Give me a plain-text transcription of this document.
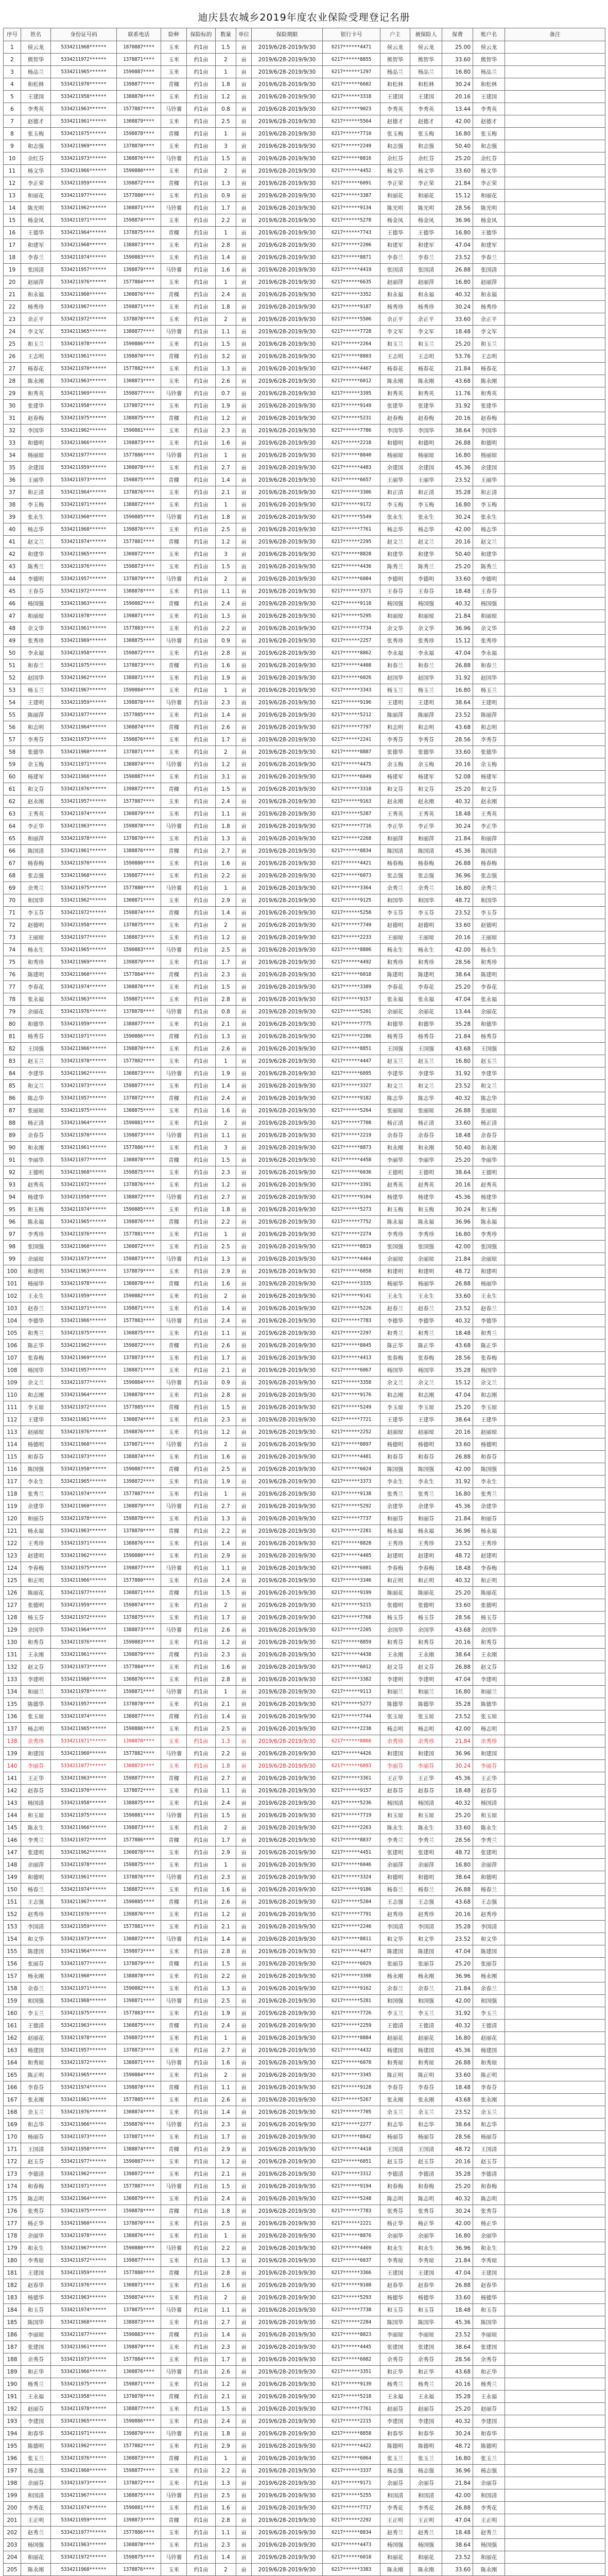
迪庆县农城乡2019年度农业保险受理登记名册
序号	姓名	身份证号码	联系电话	险种	保险标的	数量	单位	保险期限	银行卡号	户主	被保险人	保费	账户名	备注
1	侯云龙	5334211968******	1870887****	玉米	约1亩	1.5	亩	2019/6/28-2019/9/30	6217******4471	侯云龙	侯云龙	25.00	侯云龙	
2	熊智华	5334211972******	1378871****	玉米	约1亩	2	亩	2019/6/28-2019/9/30	6217******8855	熊智华	熊智华	33.60	熊智华	
3	杨品兰	5334211965******	1590887****	玉米	约1亩	1	亩	2019/6/28-2019/9/30	6217******1297	杨品兰	杨品兰	16.80	杨品兰	
4	和松林	5334211970******	1398877****	青稞	约1亩	1.8	亩	2019/6/28-2019/9/30	6217******6602	和松林	和松林	30.24	和松林	
5	王建国	5334211958******	1388870****	玉米	约1亩	1.2	亩	2019/6/28-2019/9/30	6217******3318	王建国	王建国	20.16	王建国	
6	李秀英	5334211963******	1577887****	马铃薯	约1亩	0.8	亩	2019/6/28-2019/9/30	6217******9023	李秀英	李秀英	13.44	李秀英	
7	赵德才	5334211961******	1308879****	玉米	约1亩	2.5	亩	2019/6/28-2019/9/30	6217******5564	赵德才	赵德才	42.00	赵德才	
8	张玉梅	5334211975******	1598878****	青稞	约1亩	1	亩	2019/6/28-2019/9/30	6217******7710	张玉梅	张玉梅	16.80	张玉梅	
9	和志强	5334211969******	1378870****	玉米	约1亩	3	亩	2019/6/28-2019/9/30	6217******2249	和志强	和志强	50.40	和志强	
10	余红芬	5334211973******	1388876****	马铃薯	约1亩	1.5	亩	2019/6/28-2019/9/30	6217******8816	余红芬	余红芬	25.20	余红芬	
11	杨文华	5334211966******	1590880****	玉米	约1亩	2	亩	2019/6/28-2019/9/30	6217******4452	杨文华	杨文华	33.60	杨文华	
12	李正荣	5334211959******	1398872****	青稞	约1亩	1.3	亩	2019/6/28-2019/9/30	6217******6091	李正荣	李正荣	21.84	李正荣	
13	和丽花	5334211977******	1577880****	玉米	约1亩	0.9	亩	2019/6/28-2019/9/30	6217******3387	和丽花	和丽花	15.12	和丽花	
14	陈光明	5334211962******	1308871****	马铃薯	约1亩	1.7	亩	2019/6/28-2019/9/30	6217******9134	陈光明	陈光明	28.56	陈光明	
15	杨金凤	5334211971******	1598874****	玉米	约1亩	2.2	亩	2019/6/28-2019/9/30	6217******5278	杨金凤	杨金凤	36.96	杨金凤	
16	王德华	5334211964******	1378875****	青稞	约1亩	1	亩	2019/6/28-2019/9/30	6217******7743	王德华	王德华	16.80	王德华	
17	和建军	5334211968******	1388873****	玉米	约1亩	2.8	亩	2019/6/28-2019/9/30	6217******2206	和建军	和建军	47.04	和建军	
18	李春兰	5334211974******	1590883****	玉米	约1亩	1.4	亩	2019/6/28-2019/9/30	6217******8871	李春兰	李春兰	23.52	李春兰	
19	张国清	5334211957******	1398879****	马铃薯	约1亩	1.6	亩	2019/6/28-2019/9/30	6217******4419	张国清	张国清	26.88	张国清	
20	赵丽萍	5334211976******	1577884****	玉米	约1亩	1	亩	2019/6/28-2019/9/30	6217******6635	赵丽萍	赵丽萍	16.80	赵丽萍	
21	和永福	5334211960******	1308876****	青稞	约1亩	2.4	亩	2019/6/28-2019/9/30	6217******3352	和永福	和永福	40.32	和永福	
22	杨秀珍	5334211967******	1598871****	玉米	约1亩	1.8	亩	2019/6/28-2019/9/30	6217******9187	杨秀珍	杨秀珍	30.24	杨秀珍	
23	余正平	5334211972******	1378878****	玉米	约1亩	2	亩	2019/6/28-2019/9/30	6217******5506	余正平	余正平	33.60	余正平	
24	李文军	5334211965******	1388877****	马铃薯	约1亩	1.1	亩	2019/6/28-2019/9/30	6217******7728	李文军	李文军	18.48	李文军	
25	和玉兰	5334211978******	1590886****	玉米	约1亩	1.5	亩	2019/6/28-2019/9/30	6217******2264	和玉兰	和玉兰	25.20	和玉兰	
26	王志明	5334211961******	1398870****	青稞	约1亩	3.2	亩	2019/6/28-2019/9/30	6217******8803	王志明	王志明	53.76	王志明	
27	杨春花	5334211970******	1577882****	玉米	约1亩	1.3	亩	2019/6/28-2019/9/30	6217******4467	杨春花	杨春花	21.84	杨春花	
28	陈永刚	5334211963******	1308873****	玉米	约1亩	2.6	亩	2019/6/28-2019/9/30	6217******6012	陈永刚	陈永刚	43.68	陈永刚	
29	和秀英	5334211969******	1598877****	马铃薯	约1亩	0.7	亩	2019/6/28-2019/9/30	6217******3395	和秀英	和秀英	11.76	和秀英	
30	张建华	5334211958******	1378872****	玉米	约1亩	1.9	亩	2019/6/28-2019/9/30	6217******9149	张建华	张建华	31.92	张建华	
31	赵春梅	5334211975******	1388875****	青稞	约1亩	1.2	亩	2019/6/28-2019/9/30	6217******5231	赵春梅	赵春梅	20.16	赵春梅	
32	李国华	5334211962******	1590881****	玉米	约1亩	2.3	亩	2019/6/28-2019/9/30	6217******7786	李国华	李国华	38.64	李国华	
33	和德明	5334211966******	1398873****	玉米	约1亩	1.6	亩	2019/6/28-2019/9/30	6217******2218	和德明	和德明	26.88	和德明	
34	杨丽琼	5334211977******	1577886****	马铃薯	约1亩	1	亩	2019/6/28-2019/9/30	6217******8840	杨丽琼	杨丽琼	16.80	杨丽琼	
35	余建国	5334211959******	1308878****	玉米	约1亩	2.7	亩	2019/6/28-2019/9/30	6217******4483	余建国	余建国	45.36	余建国	
36	王丽华	5334211973******	1598875****	青稞	约1亩	1.4	亩	2019/6/28-2019/9/30	6217******6657	王丽华	王丽华	23.52	王丽华	
37	和正清	5334211964******	1378876****	玉米	约1亩	2.1	亩	2019/6/28-2019/9/30	6217******3306	和正清	和正清	35.28	和正清	
38	李玉梅	5334211971******	1388872****	玉米	约1亩	1	亩	2019/6/28-2019/9/30	6217******9172	李玉梅	李玉梅	16.80	李玉梅	
39	张永生	5334211960******	1590885****	马铃薯	约1亩	1.8	亩	2019/6/28-2019/9/30	6217******5549	张永生	张永生	30.24	张永生	
40	杨志华	5334211968******	1398876****	玉米	约1亩	2.5	亩	2019/6/28-2019/9/30	6217******7761	杨志华	杨志华	42.00	杨志华	
41	赵文兰	5334211974******	1577881****	青稞	约1亩	1.2	亩	2019/6/28-2019/9/30	6217******2295	赵文兰	赵文兰	20.16	赵文兰	
42	和建华	5334211965******	1308872****	玉米	约1亩	3	亩	2019/6/28-2019/9/30	6217******8828	和建华	和建华	50.40	和建华	
43	陈秀兰	5334211976******	1598873****	玉米	约1亩	1.5	亩	2019/6/28-2019/9/30	6217******4436	陈秀兰	陈秀兰	25.20	陈秀兰	
44	李德明	5334211957******	1378879****	马铃薯	约1亩	2	亩	2019/6/28-2019/9/30	6217******6084	李德明	李德明	33.60	李德明	
45	王春芬	5334211972******	1388878****	玉米	约1亩	1.1	亩	2019/6/28-2019/9/30	6217******3371	王春芬	王春芬	18.48	王春芬	
46	杨国强	5334211963******	1590882****	青稞	约1亩	2.4	亩	2019/6/28-2019/9/30	6217******9118	杨国强	杨国强	40.32	杨国强	
47	和丽琼	5334211978******	1398871****	玉米	约1亩	1.3	亩	2019/6/28-2019/9/30	6217******5295	和丽琼	和丽琼	21.84	和丽琼	
48	余文华	5334211961******	1577883****	玉米	约1亩	2.2	亩	2019/6/28-2019/9/30	6217******7734	余文华	余文华	36.96	余文华	
49	张秀珍	5334211969******	1308875****	马铃薯	约1亩	0.9	亩	2019/6/28-2019/9/30	6217******2257	张秀珍	张秀珍	15.12	张秀珍	
50	李永福	5334211958******	1598872****	玉米	约1亩	2.8	亩	2019/6/28-2019/9/30	6217******8862	李永福	李永福	47.04	李永福	
51	和春兰	5334211975******	1378873****	青稞	约1亩	1.6	亩	2019/6/28-2019/9/30	6217******4408	和春兰	和春兰	26.88	和春兰	
52	赵国华	5334211962******	1388871****	玉米	约1亩	1.9	亩	2019/6/28-2019/9/30	6217******6026	赵国华	赵国华	31.92	赵国华	
53	杨玉兰	5334211967******	1590884****	玉米	约1亩	1	亩	2019/6/28-2019/9/30	6217******3343	杨玉兰	杨玉兰	16.80	杨玉兰	
54	王建明	5334211959******	1398878****	马铃薯	约1亩	2.3	亩	2019/6/28-2019/9/30	6217******9196	王建明	王建明	38.64	王建明	
55	陈丽萍	5334211977******	1577885****	玉米	约1亩	1.4	亩	2019/6/28-2019/9/30	6217******5212	陈丽萍	陈丽萍	23.52	陈丽萍	
56	和志明	5334211964******	1308874****	青稞	约1亩	2.6	亩	2019/6/28-2019/9/30	6217******7797	和志明	和志明	43.68	和志明	
57	李秀芬	5334211973******	1598876****	玉米	约1亩	1.7	亩	2019/6/28-2019/9/30	6217******2241	李秀芬	李秀芬	28.56	李秀芬	
58	张德华	5334211960******	1378871****	玉米	约1亩	2	亩	2019/6/28-2019/9/30	6217******8887	张德华	张德华	33.60	张德华	
59	余玉梅	5334211971******	1388874****	马铃薯	约1亩	1.2	亩	2019/6/28-2019/9/30	6217******4475	余玉梅	余玉梅	20.16	余玉梅	
60	杨建军	5334211966******	1590887****	玉米	约1亩	3.1	亩	2019/6/28-2019/9/30	6217******6049	杨建军	杨建军	52.08	杨建军	
61	和文芬	5334211976******	1398872****	青稞	约1亩	1.5	亩	2019/6/28-2019/9/30	6217******3318	和文芬	和文芬	25.20	和文芬	
62	赵永刚	5334211957******	1577887****	玉米	约1亩	2.4	亩	2019/6/28-2019/9/30	6217******9163	赵永刚	赵永刚	40.32	赵永刚	
63	王秀英	5334211974******	1308879****	玉米	约1亩	1.1	亩	2019/6/28-2019/9/30	6217******5287	王秀英	王秀英	18.48	王秀英	
64	李正华	5334211963******	1598878****	马铃薯	约1亩	1.8	亩	2019/6/28-2019/9/30	6217******7716	李正华	李正华	30.24	李正华	
65	和丽萍	5334211978******	1378870****	玉米	约1亩	1.3	亩	2019/6/28-2019/9/30	6217******2268	和丽萍	和丽萍	21.84	和丽萍	
66	陈国清	5334211961******	1388876****	青稞	约1亩	2.7	亩	2019/6/28-2019/9/30	6217******8834	陈国清	陈国清	45.36	陈国清	
67	杨春梅	5334211970******	1590880****	玉米	约1亩	1.6	亩	2019/6/28-2019/9/30	6217******4421	杨春梅	杨春梅	26.88	杨春梅	
68	张志强	5334211968******	1398877****	玉米	约1亩	2.2	亩	2019/6/28-2019/9/30	6217******6073	张志强	张志强	36.96	张志强	
69	余秀兰	5334211975******	1577880****	马铃薯	约1亩	1	亩	2019/6/28-2019/9/30	6217******3364	余秀兰	余秀兰	16.80	余秀兰	
70	和国华	5334211962******	1308871****	玉米	约1亩	2.9	亩	2019/6/28-2019/9/30	6217******9125	和国华	和国华	48.72	和国华	
71	李玉芬	5334211972******	1598874****	青稞	约1亩	1.4	亩	2019/6/28-2019/9/30	6217******5258	李玉芬	李玉芬	23.52	李玉芬	
72	赵德明	5334211958******	1378875****	玉米	约1亩	2	亩	2019/6/28-2019/9/30	6217******7749	赵德明	赵德明	33.60	赵德明	
73	王丽琼	5334211977******	1388873****	玉米	约1亩	1.2	亩	2019/6/28-2019/9/30	6217******2233	王丽琼	王丽琼	20.16	王丽琼	
74	杨永生	5334211965******	1590883****	马铃薯	约1亩	2.5	亩	2019/6/28-2019/9/30	6217******8806	杨永生	杨永生	42.00	杨永生	
75	和秀珍	5334211969******	1398879****	玉米	约1亩	1.7	亩	2019/6/28-2019/9/30	6217******4492	和秀珍	和秀珍	28.56	和秀珍	
76	陈建明	5334211960******	1577884****	青稞	约1亩	2.3	亩	2019/6/28-2019/9/30	6217******6018	陈建明	陈建明	38.64	陈建明	
77	李春花	5334211974******	1308876****	玉米	约1亩	1.5	亩	2019/6/28-2019/9/30	6217******3389	李春花	李春花	25.20	李春花	
78	张永福	5334211963******	1598871****	玉米	约1亩	2.8	亩	2019/6/28-2019/9/30	6217******9157	张永福	张永福	47.04	张永福	
79	余丽花	5334211976******	1378878****	马铃薯	约1亩	0.8	亩	2019/6/28-2019/9/30	6217******5201	余丽花	余丽花	13.44	余丽花	
80	和德华	5334211959******	1388877****	玉米	约1亩	2.1	亩	2019/6/28-2019/9/30	6217******7775	和德华	和德华	35.28	和德华	
81	杨秀芬	5334211971******	1590886****	青稞	约1亩	1.3	亩	2019/6/28-2019/9/30	6217******2286	杨秀芬	杨秀芬	21.84	杨秀芬	
82	王国强	5334211966******	1398870****	玉米	约1亩	2.6	亩	2019/6/28-2019/9/30	6217******8851	王国强	王国强	43.68	王国强	
83	赵玉兰	5334211978******	1577882****	玉米	约1亩	1	亩	2019/6/28-2019/9/30	6217******4447	赵玉兰	赵玉兰	16.80	赵玉兰	
84	李建华	5334211962******	1308873****	马铃薯	约1亩	1.9	亩	2019/6/28-2019/9/30	6217******6095	李建华	李建华	31.92	李建华	
85	和文兰	5334211973******	1598877****	玉米	约1亩	1.4	亩	2019/6/28-2019/9/30	6217******3327	和文兰	和文兰	23.52	和文兰	
86	陈志华	5334211957******	1378872****	青稞	约1亩	2.4	亩	2019/6/28-2019/9/30	6217******9182	陈志华	陈志华	40.32	陈志华	
87	张丽琼	5334211975******	1388875****	玉米	约1亩	1.6	亩	2019/6/28-2019/9/30	6217******5264	张丽琼	张丽琼	26.88	张丽琼	
88	杨正清	5334211964******	1590881****	玉米	约1亩	2	亩	2019/6/28-2019/9/30	6217******7708	杨正清	杨正清	33.60	杨正清	
89	余春芬	5334211970******	1398873****	马铃薯	约1亩	1.1	亩	2019/6/28-2019/9/30	6217******2219	余春芬	余春芬	18.48	余春芬	
90	和永刚	5334211961******	1577886****	玉米	约1亩	3	亩	2019/6/28-2019/9/30	6217******8873	和永刚	和永刚	50.40	和永刚	
91	李丽华	5334211977******	1308878****	青稞	约1亩	1.5	亩	2019/6/28-2019/9/30	6217******4458	李丽华	李丽华	25.20	李丽华	
92	王德明	5334211968******	1598875****	玉米	约1亩	2.3	亩	2019/6/28-2019/9/30	6217******6036	王德明	王德明	38.64	王德明	
93	赵秀英	5334211972******	1378876****	玉米	约1亩	1.2	亩	2019/6/28-2019/9/30	6217******3391	赵秀英	赵秀英	20.16	赵秀英	
94	杨建华	5334211958******	1388872****	马铃薯	约1亩	2.7	亩	2019/6/28-2019/9/30	6217******9104	杨建华	杨建华	45.36	杨建华	
95	和玉梅	5334211974******	1590885****	玉米	约1亩	1.8	亩	2019/6/28-2019/9/30	6217******5273	和玉梅	和玉梅	30.24	和玉梅	
96	陈永福	5334211965******	1398876****	青稞	约1亩	2.2	亩	2019/6/28-2019/9/30	6217******7752	陈永福	陈永福	36.96	陈永福	
97	李秀珍	5334211976******	1577881****	玉米	约1亩	1	亩	2019/6/28-2019/9/30	6217******2274	李秀珍	李秀珍	16.80	李秀珍	
98	张国强	5334211960******	1308872****	玉米	约1亩	2.5	亩	2019/6/28-2019/9/30	6217******8819	张国强	张国强	42.00	张国强	
99	余丽琼	5334211973******	1598873****	马铃薯	约1亩	1.3	亩	2019/6/28-2019/9/30	6217******4464	余丽琼	余丽琼	21.84	余丽琼	
100	和建明	5334211963******	1378879****	玉米	约1亩	2.9	亩	2019/6/28-2019/9/30	6217******6058	和建明	和建明	48.72	和建明	
101	杨丽华	5334211978******	1388878****	青稞	约1亩	1.6	亩	2019/6/28-2019/9/30	6217******3335	杨丽华	杨丽华	26.88	杨丽华	
102	王永生	5334211959******	1590882****	玉米	约1亩	2	亩	2019/6/28-2019/9/30	6217******9141	王永生	王永生	33.60	王永生	
103	赵春兰	5334211971******	1398871****	玉米	约1亩	1.4	亩	2019/6/28-2019/9/30	6217******5226	赵春兰	赵春兰	23.52	赵春兰	
104	李德华	5334211966******	1577883****	马铃薯	约1亩	2.4	亩	2019/6/28-2019/9/30	6217******7783	李德华	李德华	40.32	李德华	
105	和秀兰	5334211975******	1308875****	玉米	约1亩	1.1	亩	2019/6/28-2019/9/30	6217******2297	和秀兰	和秀兰	18.48	和秀兰	
106	陈正华	5334211962******	1598872****	青稞	约1亩	2.6	亩	2019/6/28-2019/9/30	6217******8845	陈正华	陈正华	43.68	陈正华	
107	张春梅	5334211969******	1378873****	玉米	约1亩	1.7	亩	2019/6/28-2019/9/30	6217******4413	张春梅	张春梅	28.56	张春梅	
108	杨国华	5334211957******	1388871****	玉米	约1亩	2.1	亩	2019/6/28-2019/9/30	6217******6067	杨国华	杨国华	35.28	杨国华	
109	余文兰	5334211977******	1590884****	马铃薯	约1亩	0.9	亩	2019/6/28-2019/9/30	6217******3358	余文兰	余文兰	15.12	余文兰	
110	和志刚	5334211964******	1398878****	玉米	约1亩	2.8	亩	2019/6/28-2019/9/30	6217******9176	和志刚	和志刚	47.04	和志刚	
111	李玉琼	5334211972******	1577885****	青稞	约1亩	1.5	亩	2019/6/28-2019/9/30	6217******5249	李玉琼	李玉琼	25.20	李玉琼	
112	王建华	5334211961******	1308874****	玉米	约1亩	2.3	亩	2019/6/28-2019/9/30	6217******7721	王建华	王建华	38.64	王建华	
113	赵丽琼	5334211976******	1598876****	玉米	约1亩	1.2	亩	2019/6/28-2019/9/30	6217******2252	赵丽琼	赵丽琼	20.16	赵丽琼	
114	杨德明	5334211968******	1378871****	马铃薯	约1亩	2	亩	2019/6/28-2019/9/30	6217******8897	杨德明	杨德明	33.60	杨德明	
115	和春芬	5334211973******	1388874****	玉米	约1亩	1.6	亩	2019/6/28-2019/9/30	6217******4481	和春芬	和春芬	26.88	和春芬	
116	陈国强	5334211958******	1590887****	青稞	约1亩	2.5	亩	2019/6/28-2019/9/30	6217******6024	陈国强	陈国强	42.00	陈国强	
117	李永生	5334211965******	1398872****	玉米	约1亩	1.9	亩	2019/6/28-2019/9/30	6217******3373	李永生	李永生	31.92	李永生	
118	张秀兰	5334211974******	1577887****	玉米	约1亩	1	亩	2019/6/28-2019/9/30	6217******9138	张秀兰	张秀兰	16.80	张秀兰	
119	余建华	5334211960******	1308879****	马铃薯	约1亩	2.7	亩	2019/6/28-2019/9/30	6217******5292	余建华	余建华	45.36	余建华	
120	和丽芬	5334211978******	1598878****	玉米	约1亩	1.3	亩	2019/6/28-2019/9/30	6217******7737	和丽芬	和丽芬	21.84	和丽芬	
121	杨永福	5334211963******	1378870****	青稞	约1亩	2.2	亩	2019/6/28-2019/9/30	6217******2281	杨永福	杨永福	36.96	杨永福	
122	王秀珍	5334211971******	1388876****	玉米	约1亩	1.4	亩	2019/6/28-2019/9/30	6217******8828	王秀珍	王秀珍	23.52	王秀珍	
123	赵建明	5334211962******	1590880****	玉米	约1亩	2.9	亩	2019/6/28-2019/9/30	6217******4405	赵建明	赵建明	48.72	赵建明	
124	李春梅	5334211975******	1398877****	马铃薯	约1亩	1.1	亩	2019/6/28-2019/9/30	6217******6081	李春梅	李春梅	18.48	李春梅	
125	和正明	5334211966******	1577880****	玉米	约1亩	2.4	亩	2019/6/28-2019/9/30	6217******3346	和正明	和正明	40.32	和正明	
126	陈丽花	5334211977******	1308871****	青稞	约1亩	1.5	亩	2019/6/28-2019/9/30	6217******9199	陈丽花	陈丽花	25.20	陈丽花	
127	张德明	5334211959******	1598874****	玉米	约1亩	2	亩	2019/6/28-2019/9/30	6217******5215	张德明	张德明	33.60	张德明	
128	杨玉芬	5334211972******	1378875****	玉米	约1亩	1.7	亩	2019/6/28-2019/9/30	6217******7768	杨玉芬	杨玉芬	28.56	杨玉芬	
129	余国华	5334211964******	1388873****	马铃薯	约1亩	2.6	亩	2019/6/28-2019/9/30	6217******2205	余国华	余国华	43.68	余国华	
130	和秀芬	5334211976******	1590883****	玉米	约1亩	1.2	亩	2019/6/28-2019/9/30	6217******8859	和秀芬	和秀芬	20.16	和秀芬	
131	王永刚	5334211961******	1398879****	青稞	约1亩	2.3	亩	2019/6/28-2019/9/30	6217******4438	王永刚	王永刚	38.64	王永刚	
132	赵文芬	5334211973******	1577884****	玉米	约1亩	1.6	亩	2019/6/28-2019/9/30	6217******6012	赵文芬	赵文芬	26.88	赵文芬	
133	李建明	5334211968******	1308876****	玉米	约1亩	2.8	亩	2019/6/28-2019/9/30	6217******3382	李建明	李建明	47.04	李建明	
134	和丽兰	5334211978******	1598871****	马铃薯	约1亩	1	亩	2019/6/28-2019/9/30	6217******9113	和丽兰	和丽兰	16.80	和丽兰	
135	陈德华	5334211957******	1378878****	玉米	约1亩	2.1	亩	2019/6/28-2019/9/30	6217******5277	陈德华	陈德华	35.28	陈德华	
136	张玉琼	5334211974******	1388877****	青稞	约1亩	1.4	亩	2019/6/28-2019/9/30	6217******7744	张玉琼	张玉琼	23.52	张玉琼	
137	杨志明	5334211965******	1590886****	玉米	约1亩	2.5	亩	2019/6/28-2019/9/30	6217******2238	杨志明	杨志明	42.00	杨志明	
138	余秀珍	5334211971******	1398870****	玉米	约1亩	1.3	亩	2019/6/28-2019/9/30	6217******8866	余秀珍	余秀珍	21.84	余秀珍	
139	和建国	5334211960******	1577882****	马铃薯	约1亩	2.2	亩	2019/6/28-2019/9/30	6217******4426	和建国	和建国	36.96	和建国	
140	李丽芬	5334211977******	1308873****	玉米	约1亩	1.8	亩	2019/6/28-2019/9/30	6217******6093	李丽芬	李丽芬	30.24	李丽芬	
141	王正华	5334211963******	1598877****	青稞	约1亩	2.7	亩	2019/6/28-2019/9/30	6217******3361	王正华	王正华	45.36	王正华	
142	赵春芬	5334211970******	1378872****	玉米	约1亩	1.1	亩	2019/6/28-2019/9/30	6217******9157	赵春芬	赵春芬	18.48	赵春芬	
143	杨国清	5334211958******	1388875****	玉米	约1亩	2.4	亩	2019/6/28-2019/9/30	6217******5236	杨国清	杨国清	40.32	杨国清	
144	和玉琼	5334211975******	1590881****	马铃薯	约1亩	1.5	亩	2019/6/28-2019/9/30	6217******7719	和玉琼	和玉琼	25.20	和玉琼	
145	陈永生	5334211966******	1398873****	玉米	约1亩	2	亩	2019/6/28-2019/9/30	6217******2263	陈永生	陈永生	33.60	陈永生	
146	李秀兰	5334211972******	1577886****	青稞	约1亩	1.7	亩	2019/6/28-2019/9/30	6217******8837	李秀兰	李秀兰	28.56	李秀兰	
147	张建明	5334211962******	1308878****	玉米	约1亩	2.9	亩	2019/6/28-2019/9/30	6217******4451	张建明	张建明	48.72	张建明	
148	余丽萍	5334211978******	1598875****	玉米	约1亩	1	亩	2019/6/28-2019/9/30	6217******6046	余丽萍	余丽萍	16.80	余丽萍	
149	和德明	5334211961******	1378876****	马铃薯	约1亩	2.3	亩	2019/6/28-2019/9/30	6217******3324	和德明	和德明	38.64	和德明	
150	杨春兰	5334211974******	1388872****	玉米	约1亩	1.6	亩	2019/6/28-2019/9/30	6217******9186	杨春兰	杨春兰	26.88	杨春兰	
151	王志强	5334211967******	1590885****	青稞	约1亩	2.6	亩	2019/6/28-2019/9/30	6217******5204	王志强	王志强	43.68	王志强	
152	赵秀珍	5334211976******	1398876****	玉米	约1亩	1.2	亩	2019/6/28-2019/9/30	6217******7791	赵秀珍	赵秀珍	20.16	赵秀珍	
153	李国清	5334211959******	1577881****	玉米	约1亩	2.1	亩	2019/6/28-2019/9/30	6217******2246	李国清	李国清	35.28	李国清	
154	和文华	5334211973******	1308872****	马铃薯	约1亩	1.4	亩	2019/6/28-2019/9/30	6217******8811	和文华	和文华	23.52	和文华	
155	陈建国	5334211964******	1598873****	玉米	约1亩	2.8	亩	2019/6/28-2019/9/30	6217******4477	陈建国	陈建国	47.04	陈建国	
156	张丽芬	5334211977******	1378879****	青稞	约1亩	1.5	亩	2019/6/28-2019/9/30	6217******6029	张丽芬	张丽芬	25.20	张丽芬	
157	杨永刚	5334211960******	1388878****	玉米	约1亩	2.2	亩	2019/6/28-2019/9/30	6217******3398	杨永刚	杨永刚	36.96	杨永刚	
158	余春兰	5334211971******	1590882****	玉米	约1亩	1.3	亩	2019/6/28-2019/9/30	6217******9162	余春兰	余春兰	21.84	余春兰	
159	和国强	5334211968******	1398871****	马铃薯	约1亩	2.5	亩	2019/6/28-2019/9/30	6217******5281	和国强	和国强	42.00	和国强	
160	李玉兰	5334211975******	1577883****	玉米	约1亩	1.9	亩	2019/6/28-2019/9/30	6217******7726	李玉兰	李玉兰	31.92	李玉兰	
161	王德清	5334211963******	1308875****	青稞	约1亩	2.4	亩	2019/6/28-2019/9/30	6217******2259	王德清	王德清	40.32	王德清	
162	赵丽花	5334211978******	1598872****	玉米	约1亩	1	亩	2019/6/28-2019/9/30	6217******8884	赵丽花	赵丽花	16.80	赵丽花	
163	杨建国	5334211957******	1378873****	玉米	约1亩	2.7	亩	2019/6/28-2019/9/30	6217******4432	杨建国	杨建国	45.36	杨建国	
164	和秀琼	5334211972******	1388871****	马铃薯	约1亩	1.6	亩	2019/6/28-2019/9/30	6217******6078	和秀琼	和秀琼	26.88	和秀琼	
165	陈正明	5334211965******	1590884****	玉米	约1亩	2	亩	2019/6/28-2019/9/30	6217******3345	陈正明	陈正明	33.60	陈正明	
166	李春芬	5334211974******	1398878****	青稞	约1亩	1.1	亩	2019/6/28-2019/9/30	6217******9128	李春芬	李春芬	18.48	李春芬	
167	张永刚	5334211961******	1577885****	玉米	约1亩	2.6	亩	2019/6/28-2019/9/30	6217******5267	张永刚	张永刚	43.68	张永刚	
168	余玉兰	5334211976******	1308874****	玉米	约1亩	1.4	亩	2019/6/28-2019/9/30	6217******7705	余玉兰	余玉兰	23.52	余玉兰	
169	和志华	5334211966******	1598876****	马铃薯	约1亩	2.3	亩	2019/6/28-2019/9/30	6217******2277	和志华	和志华	38.64	和志华	
170	杨丽芬	5334211973******	1378871****	玉米	约1亩	1.7	亩	2019/6/28-2019/9/30	6217******8842	杨丽芬	杨丽芬	28.56	杨丽芬	
171	王国清	5334211958******	1388874****	青稞	约1亩	2.9	亩	2019/6/28-2019/9/30	6217******4418	王国清	王国清	48.72	王国清	
172	赵玉芬	5334211977******	1590887****	玉米	约1亩	1.2	亩	2019/6/28-2019/9/30	6217******6051	赵玉芬	赵玉芬	20.16	赵玉芬	
173	李德清	5334211962******	1398872****	玉米	约1亩	2.1	亩	2019/6/28-2019/9/30	6217******3312	李德清	李德清	35.28	李德清	
174	和春梅	5334211971******	1577887****	马铃薯	约1亩	1.5	亩	2019/6/28-2019/9/30	6217******9194	和春梅	和春梅	25.20	和春梅	
175	陈志明	5334211964******	1308879****	玉米	约1亩	2.4	亩	2019/6/28-2019/9/30	6217******5248	陈志明	陈志明	40.32	陈志明	
176	张秀芬	5334211975******	1598878****	青稞	约1亩	1.8	亩	2019/6/28-2019/9/30	6217******7783	张秀芬	张秀芬	30.24	张秀芬	
177	杨正华	5334211960******	1378870****	玉米	约1亩	2.5	亩	2019/6/28-2019/9/30	6217******2221	杨正华	杨正华	42.00	杨正华	
178	余丽华	5334211978******	1388876****	玉米	约1亩	1	亩	2019/6/28-2019/9/30	6217******8876	余丽华	余丽华	16.80	余丽华	
179	和永生	5334211967******	1590880****	马铃薯	约1亩	2.2	亩	2019/6/28-2019/9/30	6217******4469	和永生	和永生	36.96	和永生	
180	李秀琼	5334211972******	1398877****	玉米	约1亩	1.3	亩	2019/6/28-2019/9/30	6217******6037	李秀琼	李秀琼	21.84	李秀琼	
181	王建国	5334211959******	1577880****	青稞	约1亩	2.8	亩	2019/6/28-2019/9/30	6217******3366	王建国	王建国	47.04	王建国	
182	赵春华	5334211976******	1308871****	玉米	约1亩	1.6	亩	2019/6/28-2019/9/30	6217******9108	赵春华	赵春华	26.88	赵春华	
183	杨德华	5334211963******	1598874****	玉米	约1亩	2	亩	2019/6/28-2019/9/30	6217******5293	杨德华	杨德华	33.60	杨德华	
184	和玉芬	5334211974******	1378875****	马铃薯	约1亩	1.1	亩	2019/6/28-2019/9/30	6217******7738	和玉芬	和玉芬	18.48	和玉芬	
185	陈国华	5334211968******	1388873****	玉米	约1亩	2.7	亩	2019/6/28-2019/9/30	6217******2284	陈国华	陈国华	45.36	陈国华	
186	李丽琼	5334211977******	1590883****	青稞	约1亩	1.4	亩	2019/6/28-2019/9/30	6217******8823	李丽琼	李丽琼	23.52	李丽琼	
187	张建国	5334211961******	1398879****	玉米	约1亩	2.3	亩	2019/6/28-2019/9/30	6217******4445	张建国	张建国	38.64	张建国	
188	余秀芬	5334211973******	1577884****	玉米	约1亩	1.7	亩	2019/6/28-2019/9/30	6217******6082	余秀芬	余秀芬	28.56	余秀芬	
189	和正华	5334211966******	1308876****	马铃薯	约1亩	2.6	亩	2019/6/28-2019/9/30	6217******3351	和正华	和正华	43.68	和正华	
190	杨秀兰	5334211975******	1598871****	玉米	约1亩	1.2	亩	2019/6/28-2019/9/30	6217******9139	杨秀兰	杨秀兰	20.16	杨秀兰	
191	王永福	5334211958******	1378878****	青稞	约1亩	2.1	亩	2019/6/28-2019/9/30	6217******5218	王永福	王永福	35.28	王永福	
192	赵丽芬	5334211978******	1388877****	玉米	约1亩	1.5	亩	2019/6/28-2019/9/30	6217******7761	赵丽芬	赵丽芬	25.20	赵丽芬	
193	李建国	5334211965******	1590886****	玉米	约1亩	2.4	亩	2019/6/28-2019/9/30	6217******2215	李建国	李建国	40.32	李建国	
194	和春华	5334211971******	1398870****	马铃薯	约1亩	1.8	亩	2019/6/28-2019/9/30	6217******8858	和春华	和春华	30.24	和春华	
195	陈德明	5334211962******	1577882****	玉米	约1亩	2.9	亩	2019/6/28-2019/9/30	6217******4422	陈德明	陈德明	48.72	陈德明	
196	张玉兰	5334211976******	1308873****	青稞	约1亩	1	亩	2019/6/28-2019/9/30	6217******6064	张玉兰	张玉兰	16.80	张玉兰	
197	杨志强	5334211960******	1598877****	玉米	约1亩	2.2	亩	2019/6/28-2019/9/30	6217******3337	杨志强	杨志强	36.96	杨志强	
198	余丽芬	5334211973******	1378872****	玉米	约1亩	1.3	亩	2019/6/28-2019/9/30	6217******9171	余丽芬	余丽芬	21.84	余丽芬	
199	和国清	5334211967******	1388875****	马铃薯	约1亩	2.5	亩	2019/6/28-2019/9/30	6217******5255	和国清	和国清	42.00	和国清	
200	李秀花	5334211974******	1590881****	玉米	约1亩	1.6	亩	2019/6/28-2019/9/30	6217******7717	李秀花	李秀花	26.88	李秀花	
201	王正明	5334211959******	1398873****	青稞	约1亩	2.8	亩	2019/6/28-2019/9/30	6217******2292	王正明	王正明	47.04	王正明	
202	赵秀兰	5334211977******	1577886****	玉米	约1亩	1.1	亩	2019/6/28-2019/9/30	6217******8834	赵秀兰	赵秀兰	18.48	赵秀兰	
203	杨国强	5334211963******	1308878****	玉米	约1亩	2.3	亩	2019/6/28-2019/9/30	6217******4473	杨国强	杨国强	38.64	杨国强	
204	和丽花	5334211972******	1598875****	马铃薯	约1亩	1.4	亩	2019/6/28-2019/9/30	6217******6018	和丽花	和丽花	23.52	和丽花	
205	陈永刚	5334211968******	1378876****	玉米	约1亩	2	亩	2019/6/28-2019/9/30	6217******3383	陈永刚	陈永刚	33.60	陈永刚	
